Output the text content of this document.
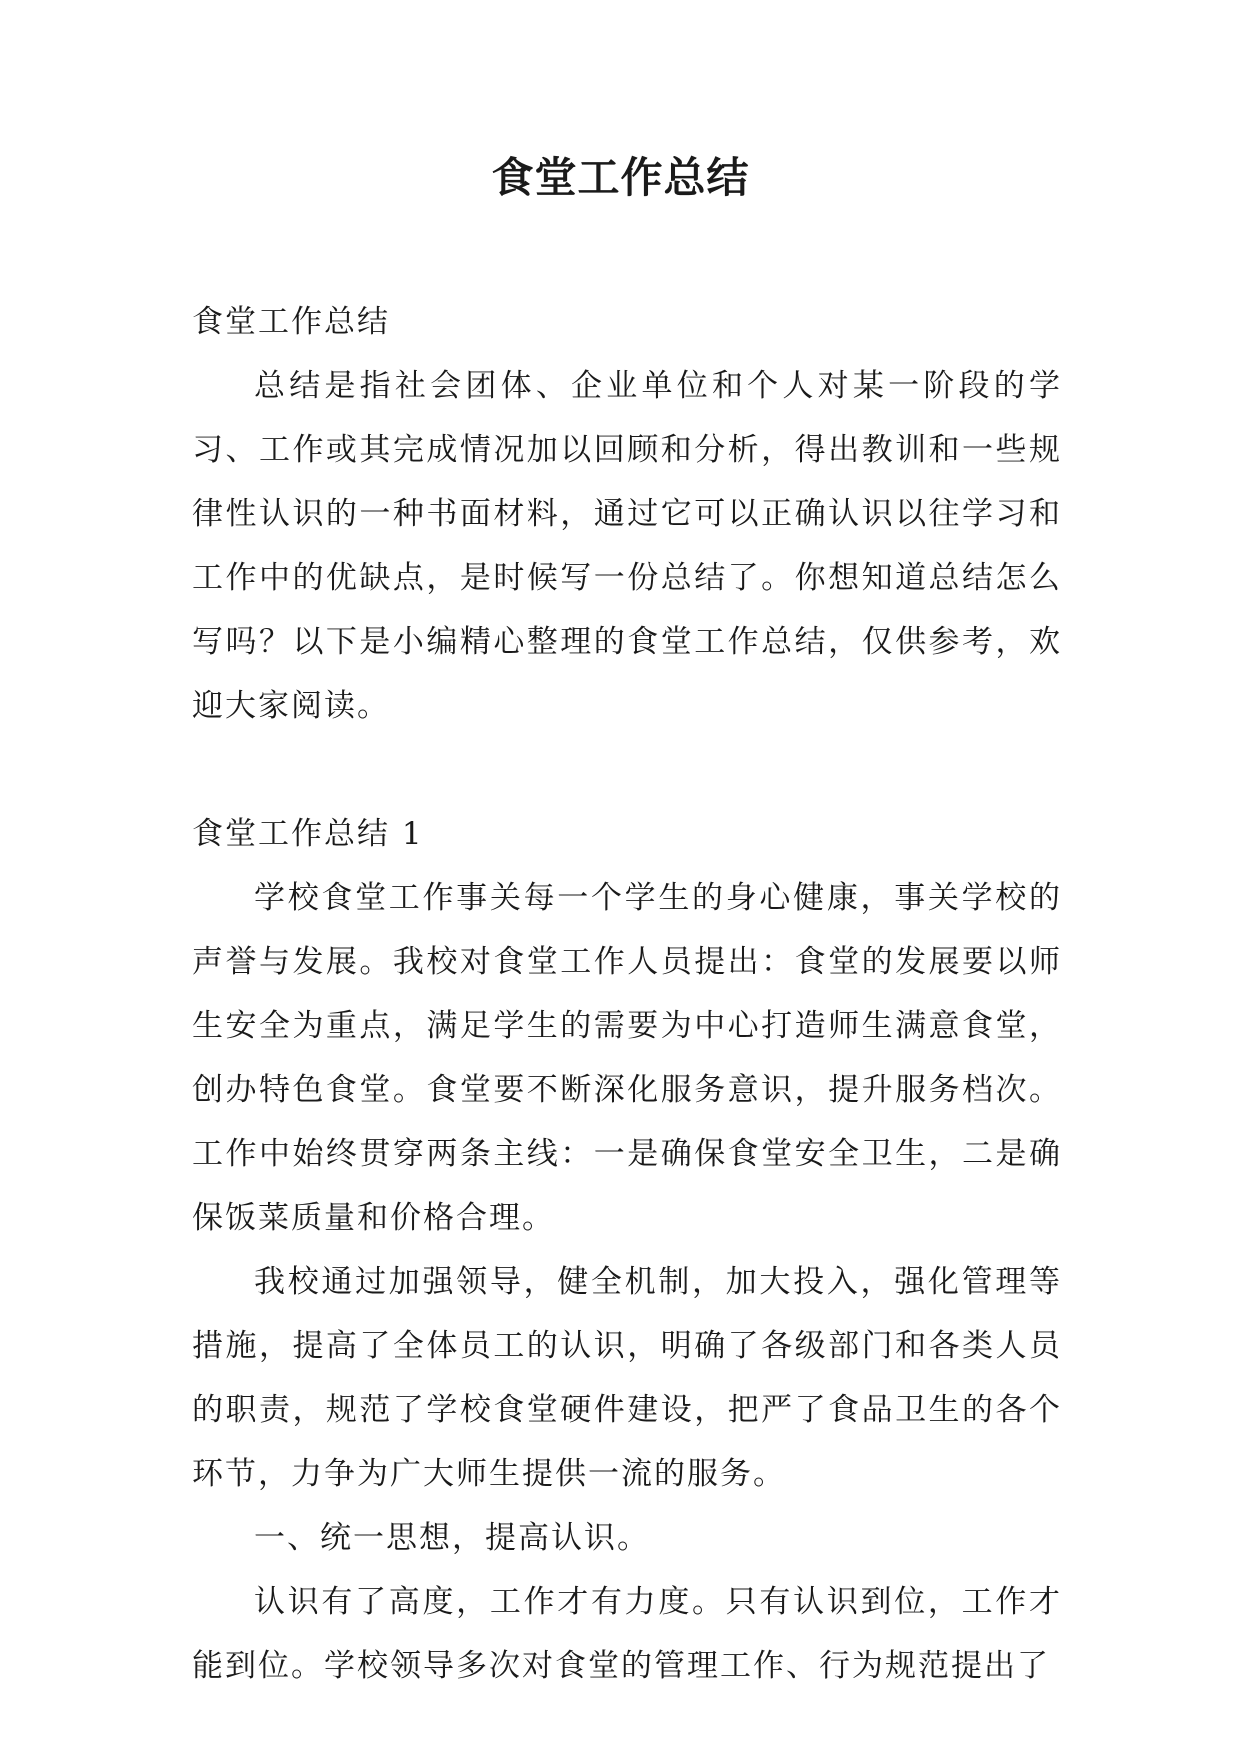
食堂工作总结

食堂工作总结

总结是指社会团体、企业单位和个人对某一阶段的学习、工作或其完成情况加以回顾和分析，得出教训和一些规律性认识的一种书面材料，通过它可以正确认识以往学习和工作中的优缺点，是时候写一份总结了。你想知道总结怎么写吗？以下是小编精心整理的食堂工作总结，仅供参考，欢迎大家阅读。

食堂工作总结 1

学校食堂工作事关每一个学生的身心健康，事关学校的声誉与发展。我校对食堂工作人员提出：食堂的发展要以师生安全为重点，满足学生的需要为中心打造师生满意食堂，创办特色食堂。食堂要不断深化服务意识，提升服务档次。工作中始终贯穿两条主线：一是确保食堂安全卫生，二是确保饭菜质量和价格合理。

我校通过加强领导，健全机制，加大投入，强化管理等措施，提高了全体员工的认识，明确了各级部门和各类人员的职责，规范了学校食堂硬件建设，把严了食品卫生的各个环节，力争为广大师生提供一流的服务。

一、统一思想，提高认识。

认识有了高度，工作才有力度。只有认识到位，工作才能到位。学校领导多次对食堂的管理工作、行为规范提出了
